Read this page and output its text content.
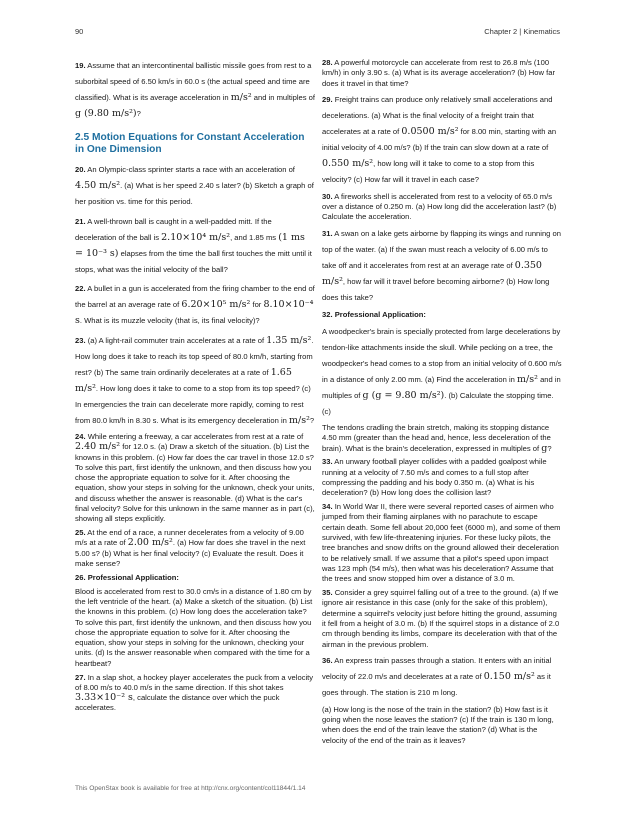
90	Chapter 2 | Kinematics

19. Assume that an intercontinental ballistic missile goes from rest to a suborbital speed of 6.50 km/s in 60.0 s (the actual speed and time are classified). What is its average acceleration in m/s² and in multiples of g (9.80 m/s²)?

2.5 Motion Equations for Constant Acceleration in One Dimension

20. An Olympic-class sprinter starts a race with an acceleration of 4.50 m/s². (a) What is her speed 2.40 s later? (b) Sketch a graph of her position vs. time for this period.

21. A well-thrown ball is caught in a well-padded mitt. If the deceleration of the ball is 2.10×10⁴ m/s², and 1.85 ms (1 ms = 10⁻³ s) elapses from the time the ball first touches the mitt until it stops, what was the initial velocity of the ball?

22. A bullet in a gun is accelerated from the firing chamber to the end of the barrel at an average rate of 6.20×10⁵ m/s² for 8.10×10⁻⁴ s. What is its muzzle velocity (that is, its final velocity)?

23. (a) A light-rail commuter train accelerates at a rate of 1.35 m/s². How long does it take to reach its top speed of 80.0 km/h, starting from rest? (b) The same train ordinarily decelerates at a rate of 1.65 m/s². How long does it take to come to a stop from its top speed? (c) In emergencies the train can decelerate more rapidly, coming to rest from 80.0 km/h in 8.30 s. What is its emergency deceleration in m/s²?

24. While entering a freeway, a car accelerates from rest at a rate of 2.40 m/s² for 12.0 s. (a) Draw a sketch of the situation. (b) List the knowns in this problem. (c) How far does the car travel in those 12.0 s? To solve this part, first identify the unknown, and then discuss how you chose the appropriate equation to solve for it. After choosing the equation, show your steps in solving for the unknown, check your units, and discuss whether the answer is reasonable. (d) What is the car's final velocity? Solve for this unknown in the same manner as in part (c), showing all steps explicitly.

25. At the end of a race, a runner decelerates from a velocity of 9.00 m/s at a rate of 2.00 m/s². (a) How far does she travel in the next 5.00 s? (b) What is her final velocity? (c) Evaluate the result. Does it make sense?

26. Professional Application:

Blood is accelerated from rest to 30.0 cm/s in a distance of 1.80 cm by the left ventricle of the heart. (a) Make a sketch of the situation. (b) List the knowns in this problem. (c) How long does the acceleration take? To solve this part, first identify the unknown, and then discuss how you chose the appropriate equation to solve for it. After choosing the equation, show your steps in solving for the unknown, checking your units. (d) Is the answer reasonable when compared with the time for a heartbeat?

27. In a slap shot, a hockey player accelerates the puck from a velocity of 8.00 m/s to 40.0 m/s in the same direction. If this shot takes 3.33×10⁻² s, calculate the distance over which the puck accelerates.

28. A powerful motorcycle can accelerate from rest to 26.8 m/s (100 km/h) in only 3.90 s. (a) What is its average acceleration? (b) How far does it travel in that time?

29. Freight trains can produce only relatively small accelerations and decelerations. (a) What is the final velocity of a freight train that accelerates at a rate of 0.0500 m/s² for 8.00 min, starting with an initial velocity of 4.00 m/s? (b) If the train can slow down at a rate of 0.550 m/s², how long will it take to come to a stop from this velocity? (c) How far will it travel in each case?

30. A fireworks shell is accelerated from rest to a velocity of 65.0 m/s over a distance of 0.250 m. (a) How long did the acceleration last? (b) Calculate the acceleration.

31. A swan on a lake gets airborne by flapping its wings and running on top of the water. (a) If the swan must reach a velocity of 6.00 m/s to take off and it accelerates from rest at an average rate of 0.350 m/s², how far will it travel before becoming airborne? (b) How long does this take?

32. Professional Application:

A woodpecker's brain is specially protected from large decelerations by tendon-like attachments inside the skull. While pecking on a tree, the woodpecker's head comes to a stop from an initial velocity of 0.600 m/s in a distance of only 2.00 mm. (a) Find the acceleration in m/s² and in multiples of g (g = 9.80 m/s²). (b) Calculate the stopping time. (c)

The tendons cradling the brain stretch, making its stopping distance 4.50 mm (greater than the head and, hence, less deceleration of the brain). What is the brain's deceleration, expressed in multiples of g?

33. An unwary football player collides with a padded goalpost while running at a velocity of 7.50 m/s and comes to a full stop after compressing the padding and his body 0.350 m. (a) What is his deceleration? (b) How long does the collision last?

34. In World War II, there were several reported cases of airmen who jumped from their flaming airplanes with no parachute to escape certain death. Some fell about 20,000 feet (6000 m), and some of them survived, with few life-threatening injuries. For these lucky pilots, the tree branches and snow drifts on the ground allowed their deceleration to be relatively small. If we assume that a pilot's speed upon impact was 123 mph (54 m/s), then what was his deceleration? Assume that the trees and snow stopped him over a distance of 3.0 m.

35. Consider a grey squirrel falling out of a tree to the ground. (a) If we ignore air resistance in this case (only for the sake of this problem), determine a squirrel's velocity just before hitting the ground, assuming it fell from a height of 3.0 m. (b) If the squirrel stops in a distance of 2.0 cm through bending its limbs, compare its deceleration with that of the airman in the previous problem.

36. An express train passes through a station. It enters with an initial velocity of 22.0 m/s and decelerates at a rate of 0.150 m/s² as it goes through. The station is 210 m long.

(a) How long is the nose of the train in the station? (b) How fast is it going when the nose leaves the station? (c) If the train is 130 m long, when does the end of the train leave the station? (d) What is the velocity of the end of the train as it leaves?

This OpenStax book is available for free at http://cnx.org/content/col11844/1.14
